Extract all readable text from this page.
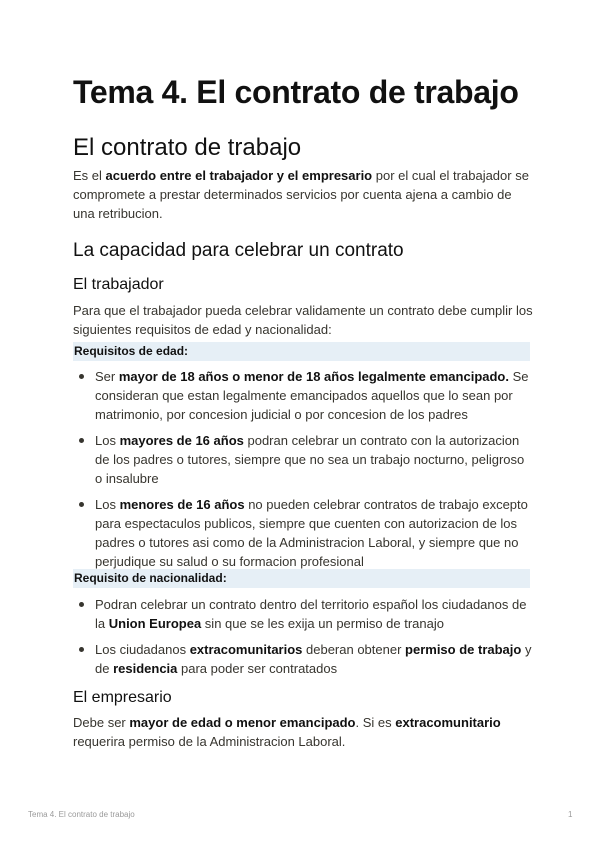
Tema 4. El contrato de trabajo
El contrato de trabajo

Es el acuerdo entre el trabajador y el empresario por el cual el trabajador se compromete a prestar determinados servicios por cuenta ajena a cambio de una retribucion.

La capacidad para celebrar un contrato
El trabajador

Para que el trabajador pueda celebrar validamente un contrato debe cumplir los siguientes requisitos de edad y nacionalidad:

Requisitos de edad:
Ser mayor de 18 años o menor de 18 años legalmente emancipado. Se consideran que estan legalmente emancipados aquellos que lo sean por matrimonio, por concesion judicial o por concesion de los padres
Los mayores de 16 años podran celebrar un contrato con la autorizacion de los padres o tutores, siempre que no sea un trabajo nocturno, peligroso o insalubre
Los menores de 16 años no pueden celebrar contratos de trabajo excepto para espectaculos publicos, siempre que cuenten con autorizacion de los padres o tutores asi como de la Administracion Laboral, y siempre que no perjudique su salud o su formacion profesional
Requisito de nacionalidad:
Podran celebrar un contrato dentro del territorio español los ciudadanos de la Union Europea sin que se les exija un permiso de tranajo
Los ciudadanos extracomunitarios deberan obtener permiso de trabajo y de residencia para poder ser contratados
El empresario

Debe ser mayor de edad o menor emancipado. Si es extracomunitario requerira permiso de la Administracion Laboral.

Tema 4. El contrato de trabajo	1
